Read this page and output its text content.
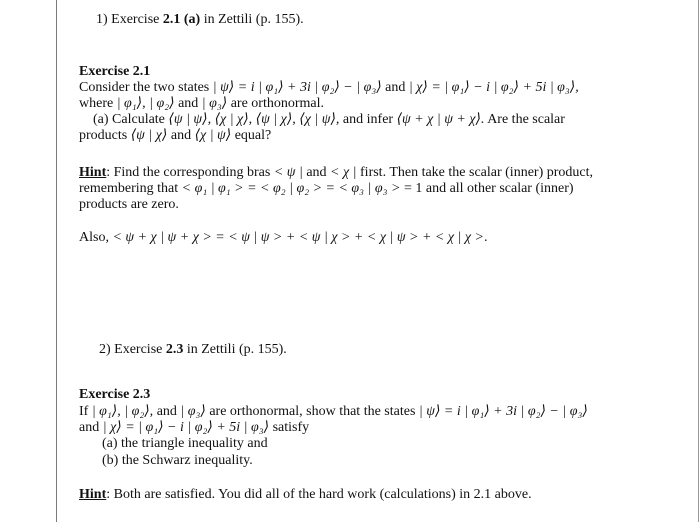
1) Exercise 2.1 (a) in Zettili (p. 155).
Exercise 2.1
Consider the two states | ψ⟩ = i | φ₁⟩ + 3i | φ₂⟩ − | φ₃⟩ and | χ⟩ = | φ₁⟩ − i | φ₂⟩ + 5i | φ₃⟩,
where | φ₁⟩, | φ₂⟩ and | φ₃⟩ are orthonormal.
(a) Calculate ⟨ψ | ψ⟩, ⟨χ | χ⟩, ⟨ψ | χ⟩, ⟨χ | ψ⟩, and infer ⟨ψ + χ | ψ + χ⟩. Are the scalar
products ⟨ψ | χ⟩ and ⟨χ | ψ⟩ equal?
Hint: Find the corresponding bras < ψ | and < χ | first. Then take the scalar (inner) product,
remembering that < φ₁ | φ₁ > = < φ₂ | φ₂ > = < φ₃ | φ₃ > = 1 and all other scalar (inner)
products are zero.
Also, < ψ + χ | ψ + χ > = < ψ | ψ > + < ψ | χ > + < χ | ψ > + < χ | χ >.
2) Exercise 2.3 in Zettili (p. 155).
Exercise 2.3
If | φ₁⟩, | φ₂⟩, and | φ₃⟩ are orthonormal, show that the states | ψ⟩ = i | φ₁⟩ + 3i | φ₂⟩ − | φ₃⟩
and | χ⟩ = | φ₁⟩ − i | φ₂⟩ + 5i | φ₃⟩ satisfy
(a) the triangle inequality and
(b) the Schwarz inequality.
Hint: Both are satisfied. You did all of the hard work (calculations) in 2.1 above.
